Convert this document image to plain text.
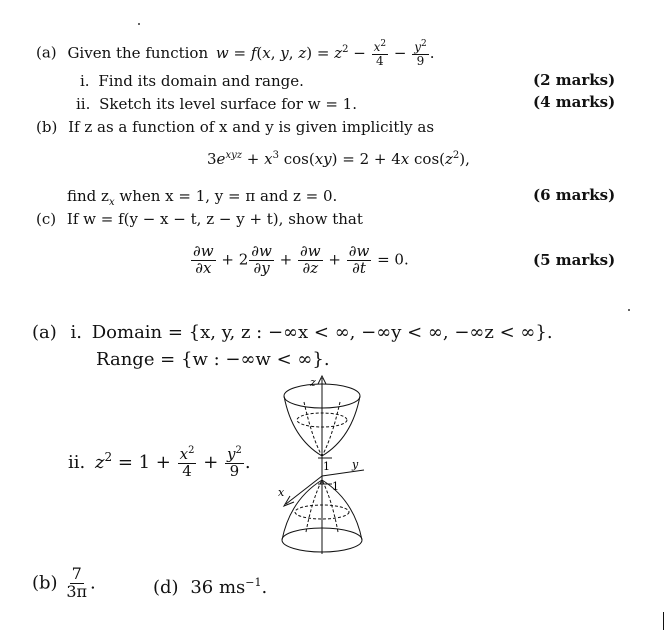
(a) Given the function w = f(x, y, $z) = z^2 - \frac{x^2}{4} - \frac{y^2}{9}$ .
i. Find its domain and range.	(2 marks)
ii. Sketch its level surface for w = 1.	(4 marks)
(b) If z as a function of x and y is given implicitly as
$3e^{xyz} + x^3$ cos(xy) = 2 + 4x $\cos(z^2)$,
find $z_x$ when x = 1, y = π and z = 0.	(6 marks)
(c) If w = f(y − x − t, z − y + t), show that
$\frac{\partial w}{\partial x} + 2 \frac{\partial w}{\partial y} + \frac{\partial w}{\partial z} + \frac{\partial w}{\partial t} = 0$.	(5 marks)
(a) i. Domain = {x, y, z : −∞x < ∞, −∞y < ∞, −∞z < ∞}.
Range = {w : −∞w < ∞}.
ii. $z^2 = 1 + \frac{x^2}{4} + \frac{y^2}{9}$ .
z
y
x
1
1
$(b) \frac{7}{3\pi}$ .	(d) 36 $ms^{-1}$.
